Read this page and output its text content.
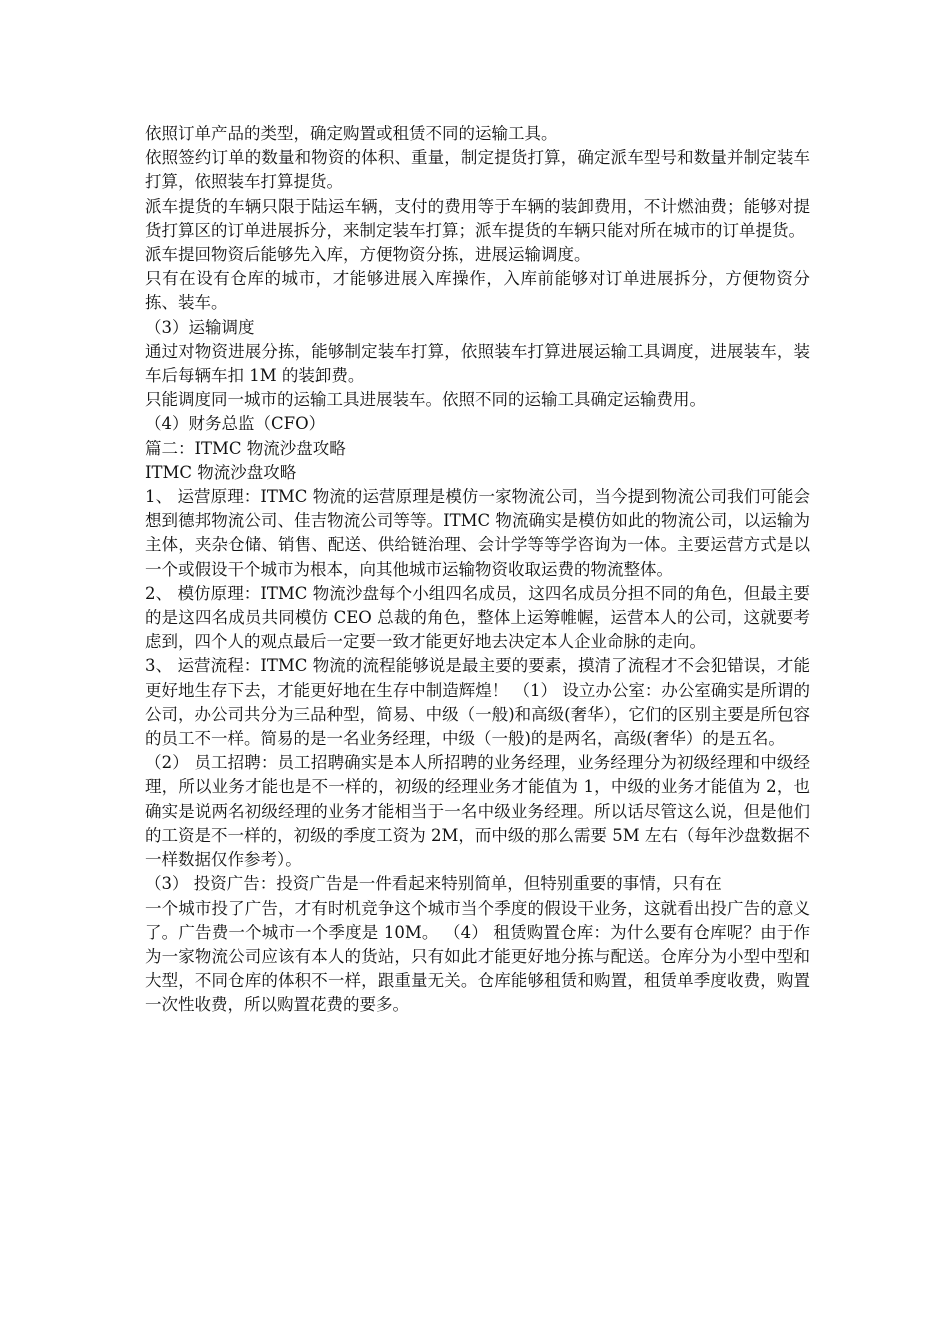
依照订单产品的类型，确定购置或租赁不同的运输工具。

依照签约订单的数量和物资的体积、重量，制定提货打算，确定派车型号和数量并制定装车打算，依照装车打算提货。

派车提货的车辆只限于陆运车辆，支付的费用等于车辆的装卸费用，不计燃油费；能够对提货打算区的订单进展拆分，来制定装车打算；派车提货的车辆只能对所在城市的订单提货。

派车提回物资后能够先入库，方便物资分拣，进展运输调度。

只有在设有仓库的城市，才能够进展入库操作，入库前能够对订单进展拆分，方便物资分拣、装车。

（3）运输调度

通过对物资进展分拣，能够制定装车打算，依照装车打算进展运输工具调度，进展装车，装车后每辆车扣 1M 的装卸费。

只能调度同一城市的运输工具进展装车。依照不同的运输工具确定运输费用。

（4）财务总监（CFO）

篇二：ITMC 物流沙盘攻略

ITMC 物流沙盘攻略

1、 运营原理：ITMC 物流的运营原理是模仿一家物流公司，当今提到物流公司我们可能会想到德邦物流公司、佳吉物流公司等等。ITMC 物流确实是模仿如此的物流公司，以运输为主体，夹杂仓储、销售、配送、供给链治理、会计学等等学咨询为一体。主要运营方式是以一个或假设干个城市为根本，向其他城市运输物资收取运费的物流整体。

2、 模仿原理：ITMC 物流沙盘每个小组四名成员，这四名成员分担不同的角色，但最主要的是这四名成员共同模仿 CEO 总裁的角色，整体上运筹帷幄，运营本人的公司，这就要考虑到，四个人的观点最后一定要一致才能更好地去决定本人企业命脉的走向。

3、 运营流程：ITMC 物流的流程能够说是最主要的要素，摸清了流程才不会犯错误，才能更好地生存下去，才能更好地在生存中制造辉煌！ （1） 设立办公室：办公室确实是所谓的公司，办公司共分为三品种型，简易、中级（一般)和高级(奢华），它们的区别主要是所包容的员工不一样。简易的是一名业务经理，中级（一般)的是两名，高级(奢华）的是五名。

（2） 员工招聘：员工招聘确实是本人所招聘的业务经理，业务经理分为初级经理和中级经理，所以业务才能也是不一样的，初级的经理业务才能值为 1，中级的业务才能值为 2，也确实是说两名初级经理的业务才能相当于一名中级业务经理。所以话尽管这么说，但是他们的工资是不一样的，初级的季度工资为 2M，而中级的那么需要 5M 左右（每年沙盘数据不一样数据仅作参考）。

（3） 投资广告：投资广告是一件看起来特别简单，但特别重要的事情，只有在

一个城市投了广告，才有时机竞争这个城市当个季度的假设干业务，这就看出投广告的意义了。广告费一个城市一个季度是 10M。 （4） 租赁购置仓库：为什么要有仓库呢？由于作为一家物流公司应该有本人的货站，只有如此才能更好地分拣与配送。仓库分为小型中型和大型，不同仓库的体积不一样，跟重量无关。仓库能够租赁和购置，租赁单季度收费，购置一次性收费，所以购置花费的要多。
